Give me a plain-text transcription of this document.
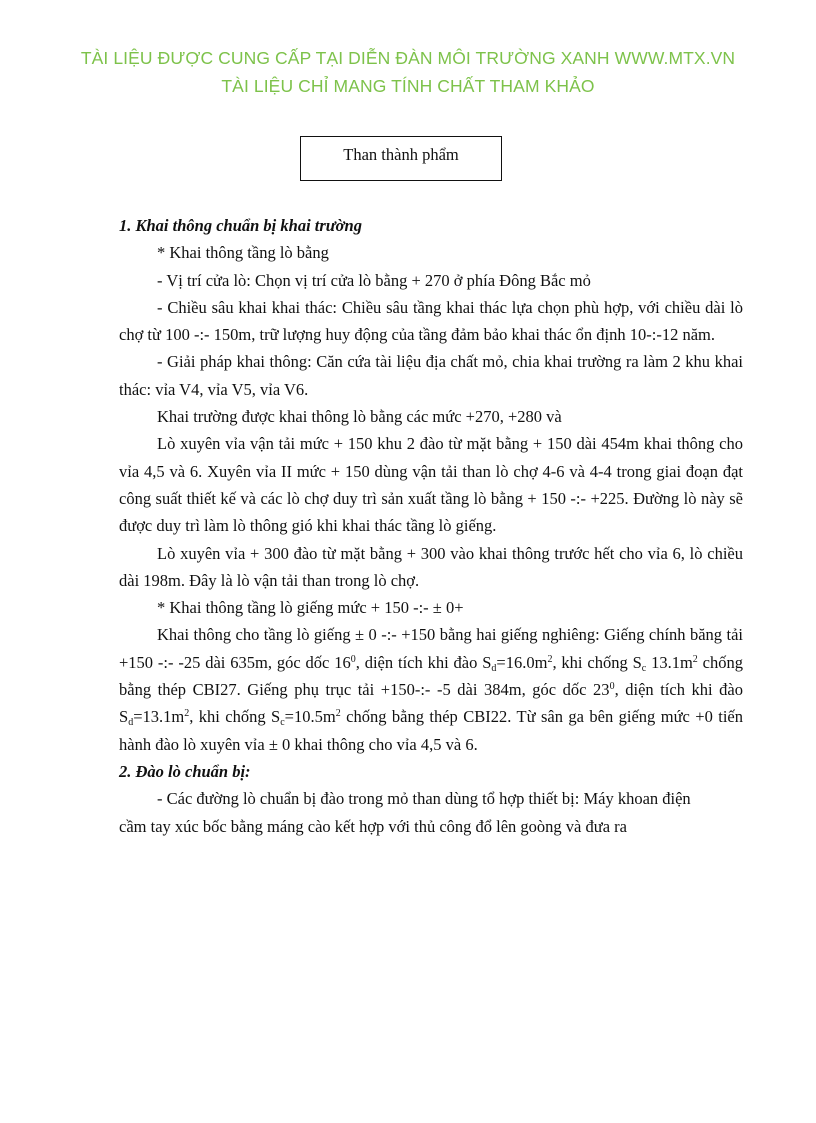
TÀI LIỆU ĐƯỢC CUNG CẤP TẠI DIỄN ĐÀN MÔI TRƯỜNG XANH WWW.MTX.VN
TÀI LIỆU CHỈ MANG TÍNH CHẤT THAM KHẢO
Than thành phẩm

1. Khai thông chuẩn bị khai trường

* Khai thông tầng lò bằng

- Vị trí cửa lò: Chọn vị trí cửa lò bằng + 270 ở phía Đông Bắc mỏ

- Chiều sâu khai khai thác: Chiều sâu tầng khai thác lựa chọn phù hợp, với chiều dài lò chợ từ 100 -:- 150m, trữ lượng huy động của tầng đảm bảo khai thác ổn định 10-:-12 năm.

- Giải pháp khai thông: Căn cứa tài liệu địa chất mỏ, chia khai trường ra làm 2 khu khai thác: vỉa V4, vỉa V5, vỉa V6.

Khai trường được khai thông lò bằng các mức +270, +280 và

Lò xuyên vỉa vận tải mức + 150 khu 2 đào từ mặt bằng + 150 dài 454m khai thông cho vỉa 4,5 và 6. Xuyên vỉa II mức + 150 dùng vận tải than lò chợ 4-6 và 4-4 trong giai đoạn đạt công suất thiết kế và các lò chợ duy trì sản xuất tầng lò bằng + 150 -:- +225. Đường lò này sẽ được duy trì làm lò thông gió khi khai thác tầng lò giếng.

Lò xuyên vỉa + 300 đào từ mặt bằng + 300 vào khai thông trước hết cho vỉa 6, lò chiều dài 198m. Đây là lò vận tải than trong lò chợ.

* Khai thông tầng lò giếng mức + 150 -:- ± 0+

Khai thông cho tầng lò giếng ± 0 -:- +150 bằng hai giếng nghiêng: Giếng chính băng tải +150 -:- -25 dài 635m, góc dốc $16^0$, diện tích khi đào $S_d=16.0m^2$, khi chống $S_c$ $13.1m^2$ chống bằng thép CBI27. Giếng phụ trục tải +150-:- -5 dài 384m, góc dốc $23^0$, diện tích khi đào $S_d=13.1m^2$, khi chống $S_c=10.5m^2$ chống bằng thép CBI22. Từ sân ga bên giếng mức +0 tiến hành đào lò xuyên vỉa ± 0 khai thông cho vỉa 4,5 và 6.

2. Đào lò chuẩn bị:

- Các đường lò chuẩn bị đào trong mỏ than dùng tổ hợp thiết bị: Máy khoan điện

cầm tay xúc bốc bằng máng cào kết hợp với thủ công đổ lên goòng và đưa ra
